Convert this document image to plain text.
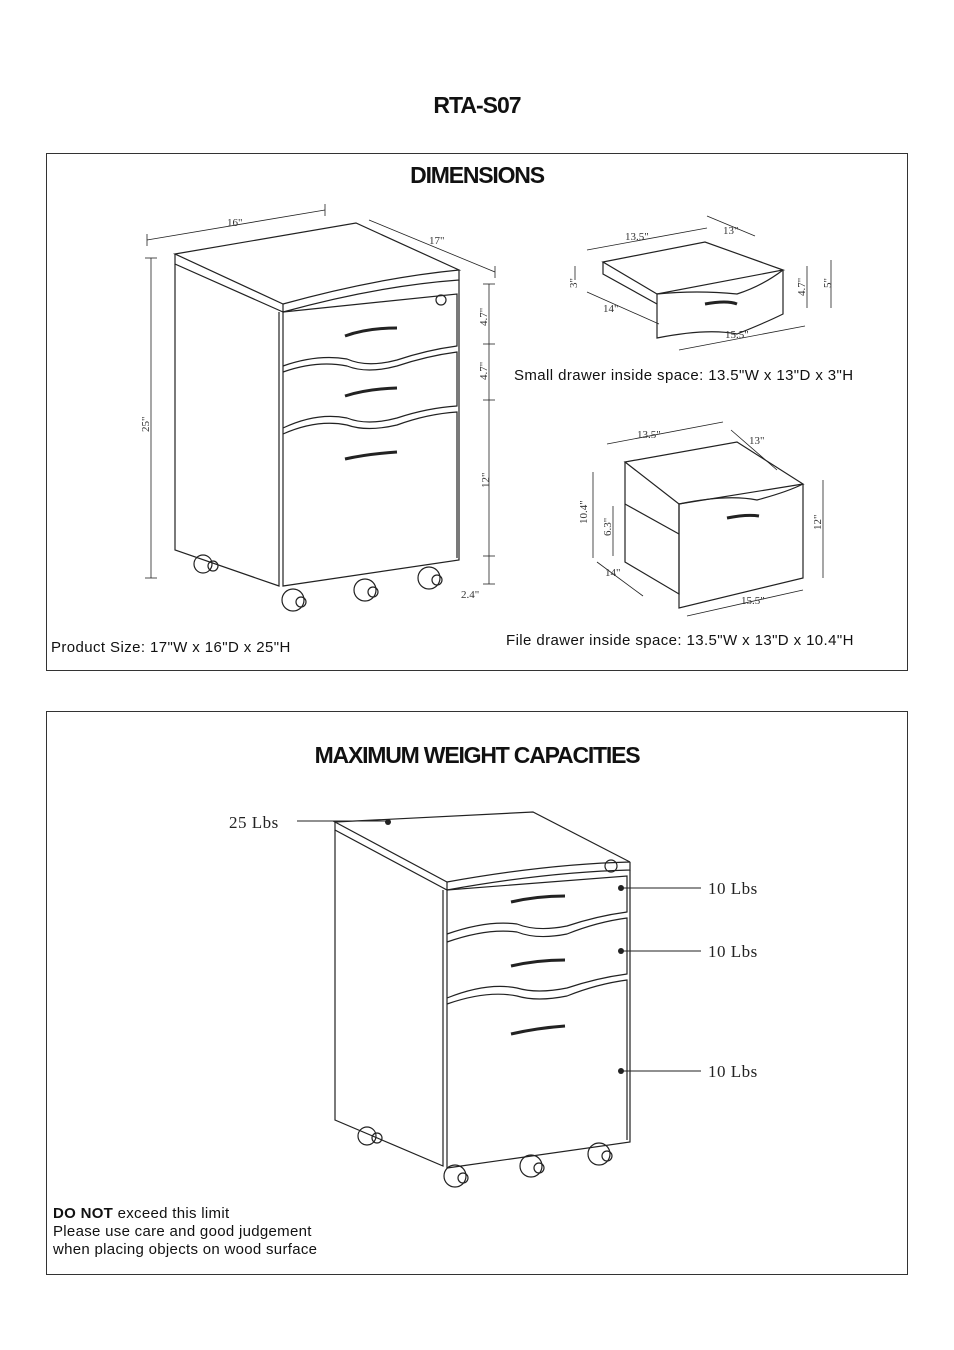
RTA-S07
DIMENSIONS
16"
17"
25"
4.7"
4.7"
12"
2.4"
13.5"	13"
3"
14"
15.5"
4.7" 5"
13.5"	13"
10.4"
6.3"
14"
15.5"
12"
Small drawer inside space: 13.5"W x 13"D x 3"H
File drawer inside space: 13.5"W x 13"D x 10.4"H
Product Size: 17"W x 16"D x 25"H
MAXIMUM WEIGHT CAPACITIES
25 Lbs
10 Lbs
10 Lbs
10 Lbs
DO NOT exceed this limit
Please use care and good judgement
when placing objects on wood surface
